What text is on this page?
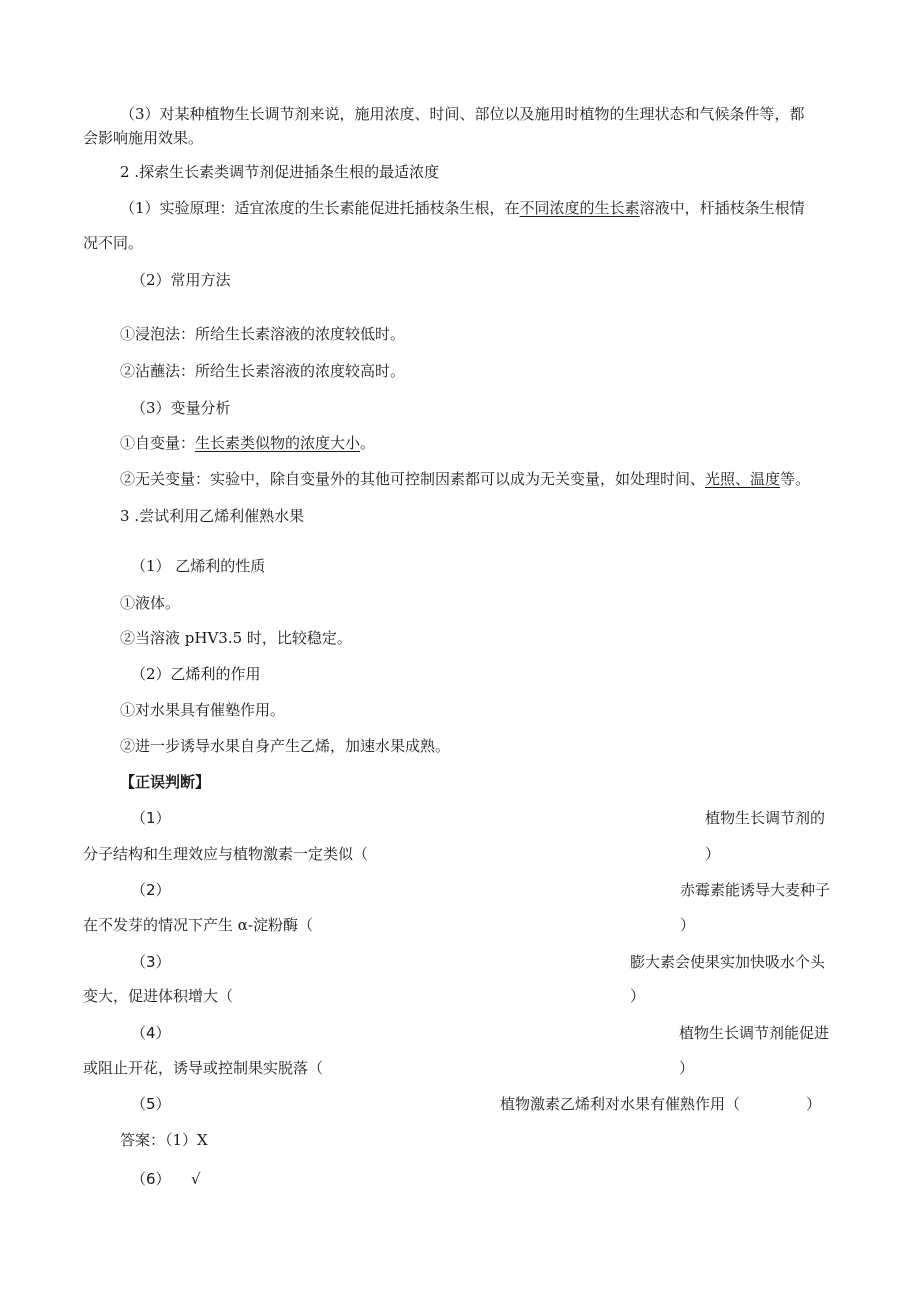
（3）对某种植物生长调节剂来说，施用浓度、时间、部位以及施用时植物的生理状态和气候条件等，都
会影响施用效果。
2 .探索生长素类调节剂促进插条生根的最适浓度
（1）实验原理：适宜浓度的生长素能促进托插枝条生根，在不同浓度的生长素溶液中，杆插枝条生根情
况不同。
（2）常用方法
①浸泡法：所给生长素溶液的浓度较低时。
②沾蘸法：所给生长素溶液的浓度较高时。
（3）变量分析
①自变量：生长素类似物的浓度大小。
②无关变量：实验中，除自变量外的其他可控制因素都可以成为无关变量，如处理时间、光照、温度等。
3 .尝试利用乙烯利催熟水果
（1） 乙烯利的性质
①液体。
②当溶液 pHV3.5 时，比较稳定。
（2）乙烯利的作用
①对水果具有催塾作用。
②进一步诱导水果自身产生乙烯，加速水果成熟。
【正误判断】
（1）	植物生长调节剂的
分子结构和生理效应与植物激素一定类似（	）
（2）	赤霉素能诱导大麦种子
在不发芽的情况下产生 α-淀粉酶（	）
（3）	膨大素会使果实加快吸水个头
变大，促进体积增大（	）
（4）	植物生长调节剂能促进
或阻止开花，诱导或控制果实脱落（	）
（5）	植物激素乙烯利对水果有催熟作用（	）
答案：（1）X
（6） √
